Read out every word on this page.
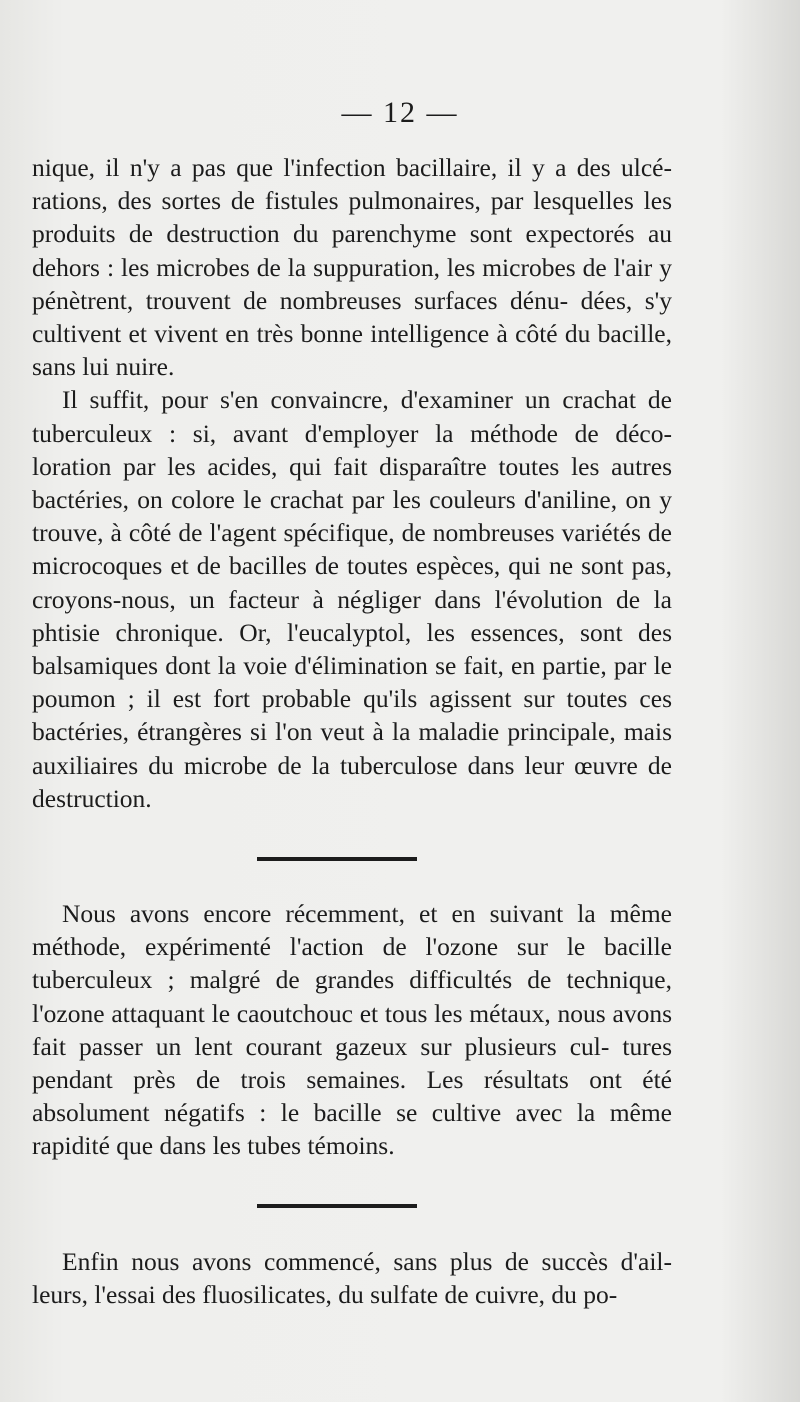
— 12 —

nique, il n'y a pas que l'infection bacillaire, il y a des ulcé- rations, des sortes de fistules pulmonaires, par lesquelles les produits de destruction du parenchyme sont expectorés au dehors : les microbes de la suppuration, les microbes de l'air y pénètrent, trouvent de nombreuses surfaces dénu- dées, s'y cultivent et vivent en très bonne intelligence à côté du bacille, sans lui nuire.

Il suffit, pour s'en convaincre, d'examiner un crachat de tuberculeux : si, avant d'employer la méthode de déco- loration par les acides, qui fait disparaître toutes les autres bactéries, on colore le crachat par les couleurs d'aniline, on y trouve, à côté de l'agent spécifique, de nombreuses variétés de microcoques et de bacilles de toutes espèces, qui ne sont pas, croyons-nous, un facteur à négliger dans l'évolution de la phtisie chronique. Or, l'eucalyptol, les essences, sont des balsamiques dont la voie d'élimination se fait, en partie, par le poumon ; il est fort probable qu'ils agissent sur toutes ces bactéries, étrangères si l'on veut à la maladie principale, mais auxiliaires du microbe de la tuberculose dans leur œuvre de destruction.

Nous avons encore récemment, et en suivant la même méthode, expérimenté l'action de l'ozone sur le bacille tuberculeux ; malgré de grandes difficultés de technique, l'ozone attaquant le caoutchouc et tous les métaux, nous avons fait passer un lent courant gazeux sur plusieurs cul- tures pendant près de trois semaines. Les résultats ont été absolument négatifs : le bacille se cultive avec la même rapidité que dans les tubes témoins.

Enfin nous avons commencé, sans plus de succès d'ail- leurs, l'essai des fluosilicates, du sulfate de cuivre, du po-
